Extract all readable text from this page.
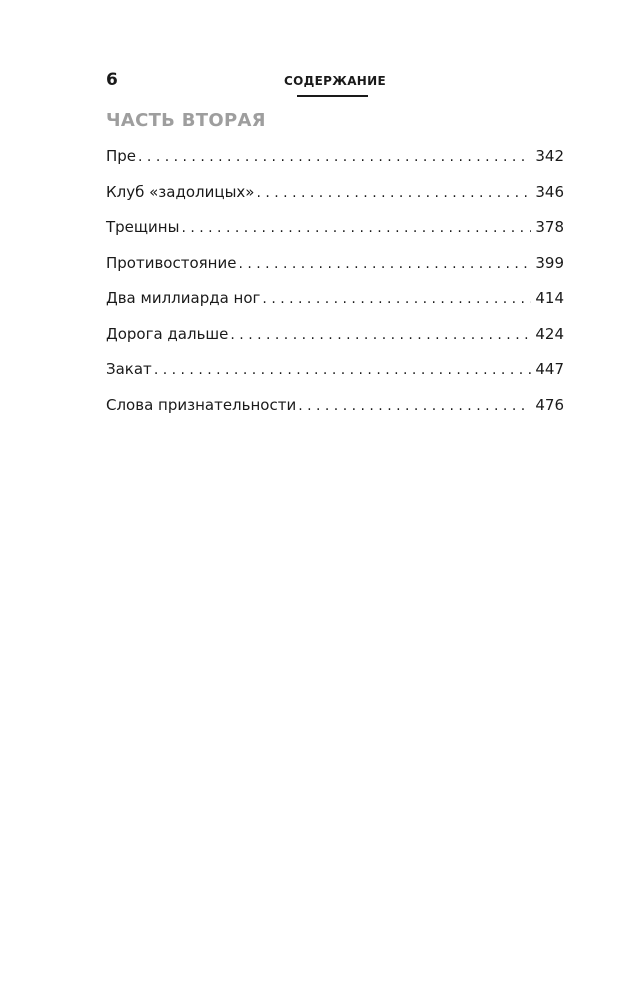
6	СОДЕРЖАНИЕ
ЧАСТЬ ВТОРАЯ
Пре . . .	342
Клуб «задолицых» . . .	346
Трещины . . .	378
Противостояние . . .	399
Два миллиарда ног . . .	414
Дорога дальше . . .	424
Закат . . .	447
Слова признательности . . .	476
